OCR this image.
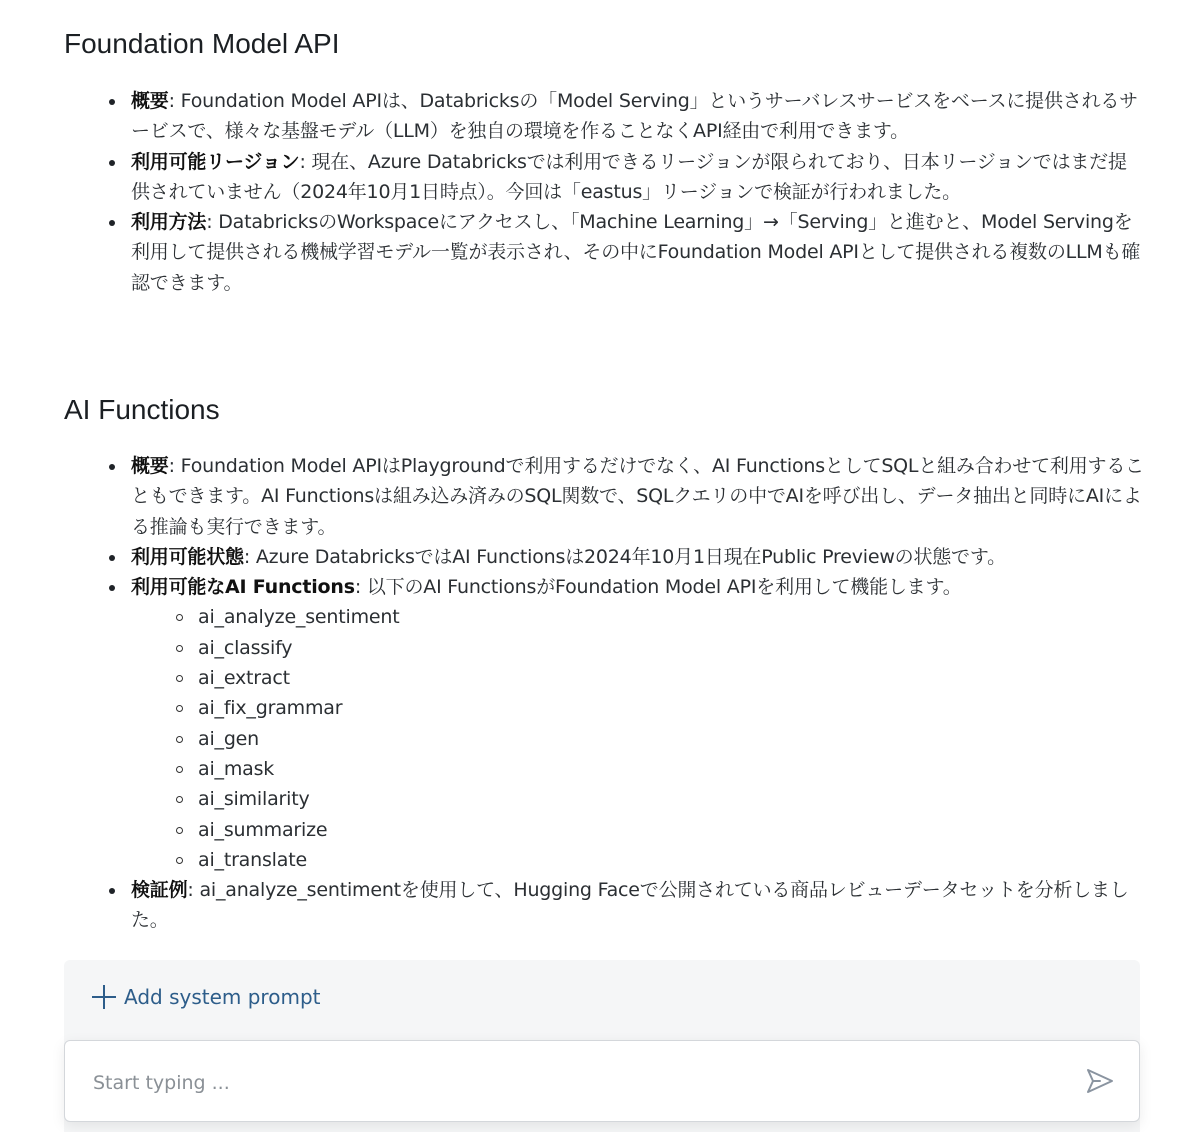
Foundation Model API
概要: Foundation Model APIは、Databricksの「Model Serving」というサーバレスサービスをベースに提供されるサービスで、様々な基盤モデル（LLM）を独自の環境を作ることなくAPI経由で利用できます。
利用可能リージョン: 現在、Azure Databricksでは利用できるリージョンが限られており、日本リージョンではまだ提供されていません（2024年10月1日時点）。今回は「eastus」リージョンで検証が行われました。
利用方法: DatabricksのWorkspaceにアクセスし、「Machine Learning」→「Serving」と進むと、Model Servingを利用して提供される機械学習モデル一覧が表示され、その中にFoundation Model APIとして提供される複数のLLMも確認できます。
AI Functions
概要: Foundation Model APIはPlaygroundで利用するだけでなく、AI FunctionsとしてSQLと組み合わせて利用することもできます。AI Functionsは組み込み済みのSQL関数で、SQLクエリの中でAIを呼び出し、データ抽出と同時にAIによる推論も実行できます。
利用可能状態: Azure DatabricksではAI Functionsは2024年10月1日現在Public Previewの状態です。
利用可能なAI Functions: 以下のAI FunctionsがFoundation Model APIを利用して機能します。
ai_analyze_sentiment
ai_classify
ai_extract
ai_fix_grammar
ai_gen
ai_mask
ai_similarity
ai_summarize
ai_translate
検証例: ai_analyze_sentimentを使用して、Hugging Faceで公開されている商品レビューデータセットを分析しました。
Add system prompt
Start typing ...
